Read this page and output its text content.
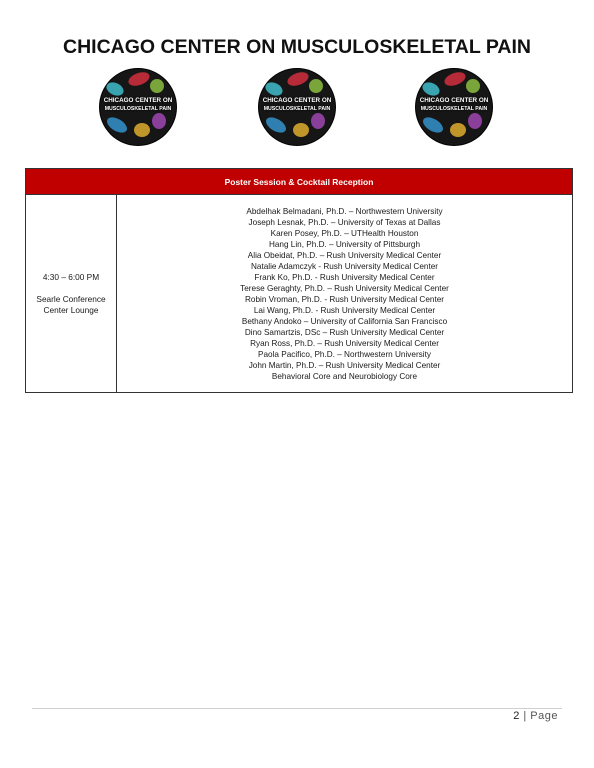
CHICAGO CENTER ON MUSCULOSKELETAL PAIN
CHICAGO CENTER ON
MUSCULOSKELETAL PAIN
CHICAGO CENTER ON
MUSCULOSKELETAL PAIN
CHICAGO CENTER ON
MUSCULOSKELETAL PAIN
Poster Session & Cocktail Reception
4:30 – 6:00 PM
Searle Conference
Center Lounge
Abdelhak Belmadani, Ph.D. – Northwestern University
Joseph Lesnak, Ph.D. – University of Texas at Dallas
Karen Posey, Ph.D. – UTHealth Houston
Hang Lin, Ph.D. – University of Pittsburgh
Alia Obeidat, Ph.D. – Rush University Medical Center
Natalie Adamczyk - Rush University Medical Center
Frank Ko, Ph.D. - Rush University Medical Center
Terese Geraghty, Ph.D. – Rush University Medical Center
Robin Vroman, Ph.D. - Rush University Medical Center
Lai Wang, Ph.D. - Rush University Medical Center
Bethany Andoko – University of California San Francisco
Dino Samartzis, DSc – Rush University Medical Center
Ryan Ross, Ph.D. – Rush University Medical Center
Paola Pacifico, Ph.D. – Northwestern University
John Martin, Ph.D. – Rush University Medical Center
Behavioral Core and Neurobiology Core
2 | Page
